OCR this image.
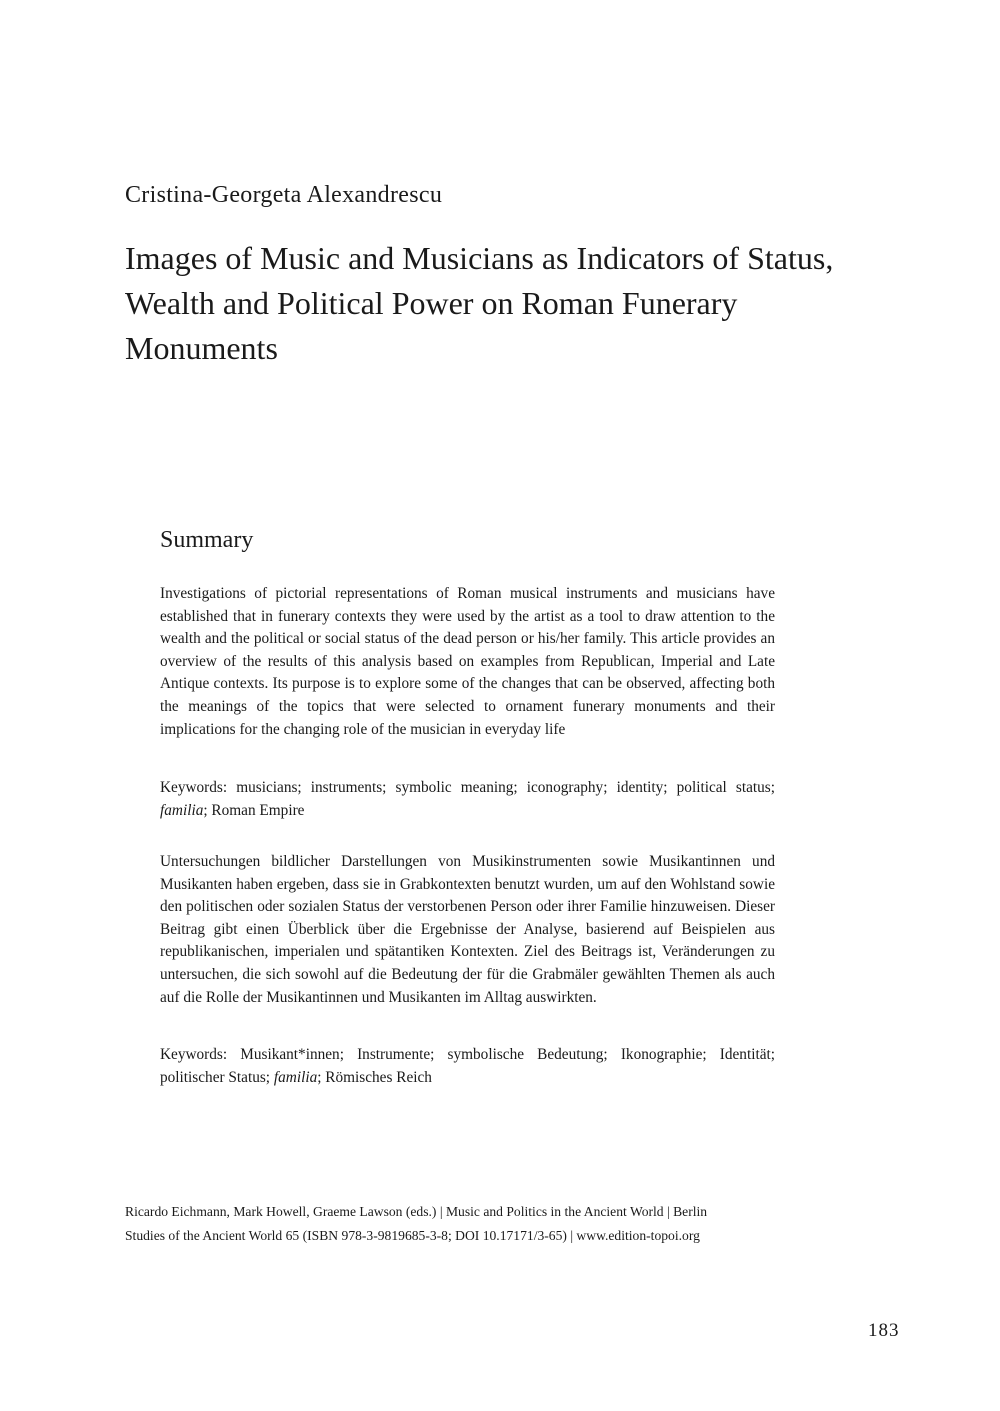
Cristina-Georgeta Alexandrescu

Images of Music and Musicians as Indicators of Status, Wealth and Political Power on Roman Funerary Monuments
Summary

Investigations of pictorial representations of Roman musical instruments and musicians have established that in funerary contexts they were used by the artist as a tool to draw attention to the wealth and the political or social status of the dead person or his/her family. This article provides an overview of the results of this analysis based on examples from Republican, Imperial and Late Antique contexts. Its purpose is to explore some of the changes that can be observed, affecting both the meanings of the topics that were selected to ornament funerary monuments and their implications for the changing role of the musician in everyday life

Keywords: musicians; instruments; symbolic meaning; iconography; identity; political status; familia; Roman Empire

Untersuchungen bildlicher Darstellungen von Musikinstrumenten sowie Musikantinnen und Musikanten haben ergeben, dass sie in Grabkontexten benutzt wurden, um auf den Wohlstand sowie den politischen oder sozialen Status der verstorbenen Person oder ihrer Familie hinzuweisen. Dieser Beitrag gibt einen Überblick über die Ergebnisse der Analyse, basierend auf Beispielen aus republikanischen, imperialen und spätantiken Kontexten. Ziel des Beitrags ist, Veränderungen zu untersuchen, die sich sowohl auf die Bedeutung der für die Grabmäler gewählten Themen als auch auf die Rolle der Musikantinnen und Musikanten im Alltag auswirkten.

Keywords: Musikant*innen; Instrumente; symbolische Bedeutung; Ikonographie; Identität; politischer Status; familia; Römisches Reich

Ricardo Eichmann, Mark Howell, Graeme Lawson (eds.) | Music and Politics in the Ancient World | Berlin Studies of the Ancient World 65 (ISBN 978-3-9819685-3-8; DOI 10.17171/3-65) | www.edition-topoi.org

183
